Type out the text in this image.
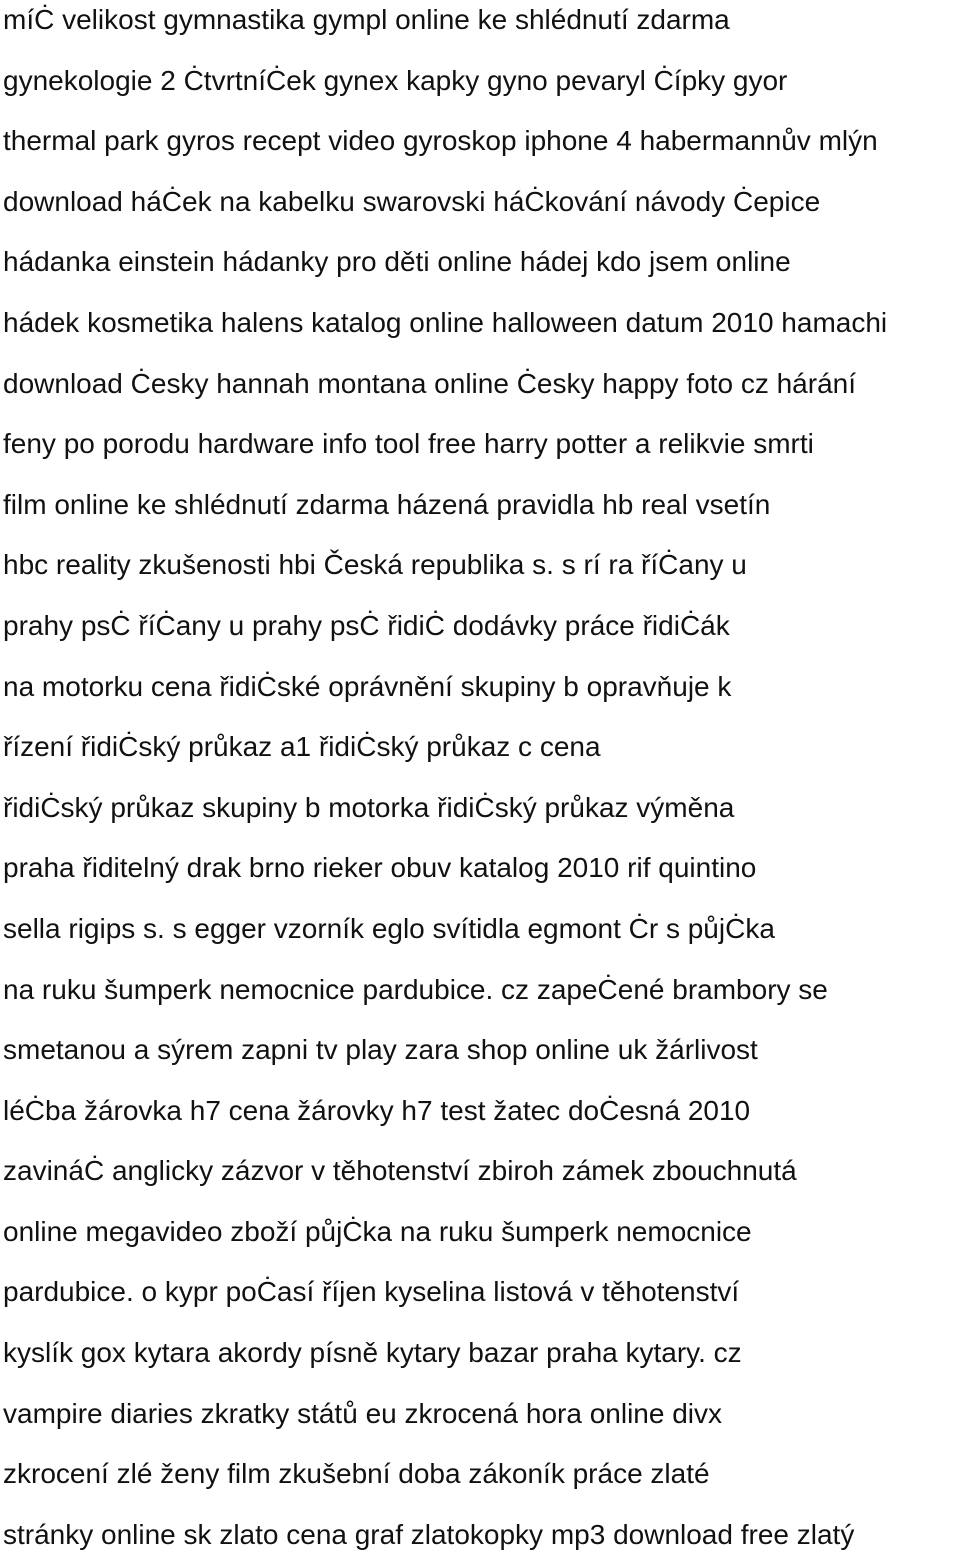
míĊ velikost gymnastika gympl online ke shlédnutí zdarma
gynekologie 2 ĊtvrtníĊek gynex kapky gyno pevaryl Ċípky gyor
thermal park gyros recept video gyroskop iphone 4 habermannův mlýn
download háĊek na kabelku swarovski háĊkování návody Ċepice
hádanka einstein hádanky pro děti online hádej kdo jsem online
hádek kosmetika halens katalog online halloween datum 2010 hamachi
download Ċesky hannah montana online Ċesky happy foto cz hárání
feny po porodu hardware info tool free harry potter a relikvie smrti
film online ke shlédnutí zdarma házená pravidla hb real vsetín
hbc reality zkušenosti hbi Česká republika s. s rí ra říĊany u
prahy psĊ říĊany u prahy psĊ řidiĊ dodávky práce řidiĊák
na motorku cena řidiĊské oprávnění skupiny b opravňuje k
řízení řidiĊský průkaz a1 řidiĊský průkaz c cena
řidiĊský průkaz skupiny b motorka řidiĊský průkaz výměna
praha řiditelný drak brno rieker obuv katalog 2010 rif quintino
sella rigips s. s egger vzorník eglo svítidla egmont Ċr s půjĊka
na ruku šumperk nemocnice pardubice. cz zapeĊené brambory se
smetanou a sýrem zapni tv play zara shop online uk žárlivost
léĊba žárovka h7 cena žárovky h7 test žatec doĊesná 2010
zavináĊ anglicky zázvor v těhotenství zbiroh zámek zbouchnutá
online megavideo zboží půjĊka na ruku šumperk nemocnice
pardubice. o kypr poĊasí říjen kyselina listová v těhotenství
kyslík gox kytara akordy písně kytary bazar praha kytary. cz
vampire diaries zkratky států eu zkrocená hora online divx
zkrocení zlé ženy film zkušební doba zákoník práce zlaté
stránky online sk zlato cena graf zlatokopky mp3 download free zlatý
